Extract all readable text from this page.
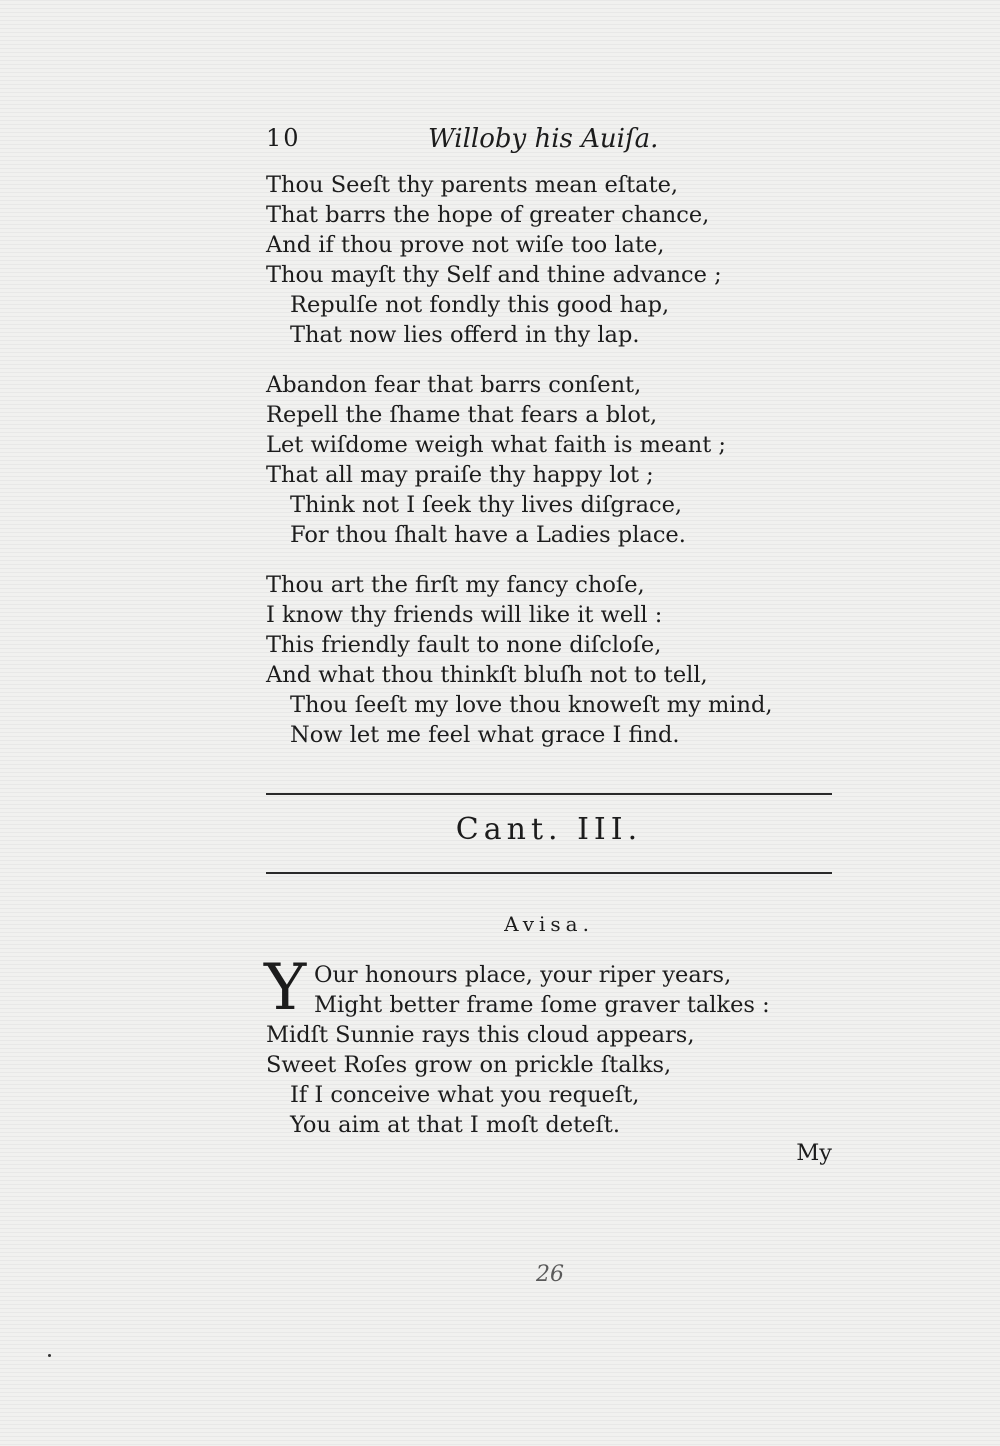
10	Willoby his Auiſa.
Thou Seeſt thy parents mean eſtate,
That barrs the hope of greater chance,
And if thou prove not wiſe too late,
Thou mayſt thy Self and thine advance ;
Repulſe not fondly this good hap,
That now lies offerd in thy lap.
Abandon fear that barrs conſent,
Repell the ſhame that fears a blot,
Let wiſdome weigh what faith is meant ;
That all may praiſe thy happy lot ;
Think not I ſeek thy lives diſgrace,
For thou ſhalt have a Ladies place.
Thou art the firſt my fancy choſe,
I know thy friends will like it well :
This friendly fault to none diſcloſe,
And what thou thinkſt bluſh not to tell,
Thou ſeeſt my love thou knoweſt my mind,
Now let me feel what grace I find.
Cant. III.
Avisa.
Y Our honours place, your riper years,
Might better frame ſome graver talkes :
Midſt Sunnie rays this cloud appears,
Sweet Roſes grow on prickle ſtalks,
If I conceive what you requeſt,
You aim at that I moſt deteſt.
My
26
